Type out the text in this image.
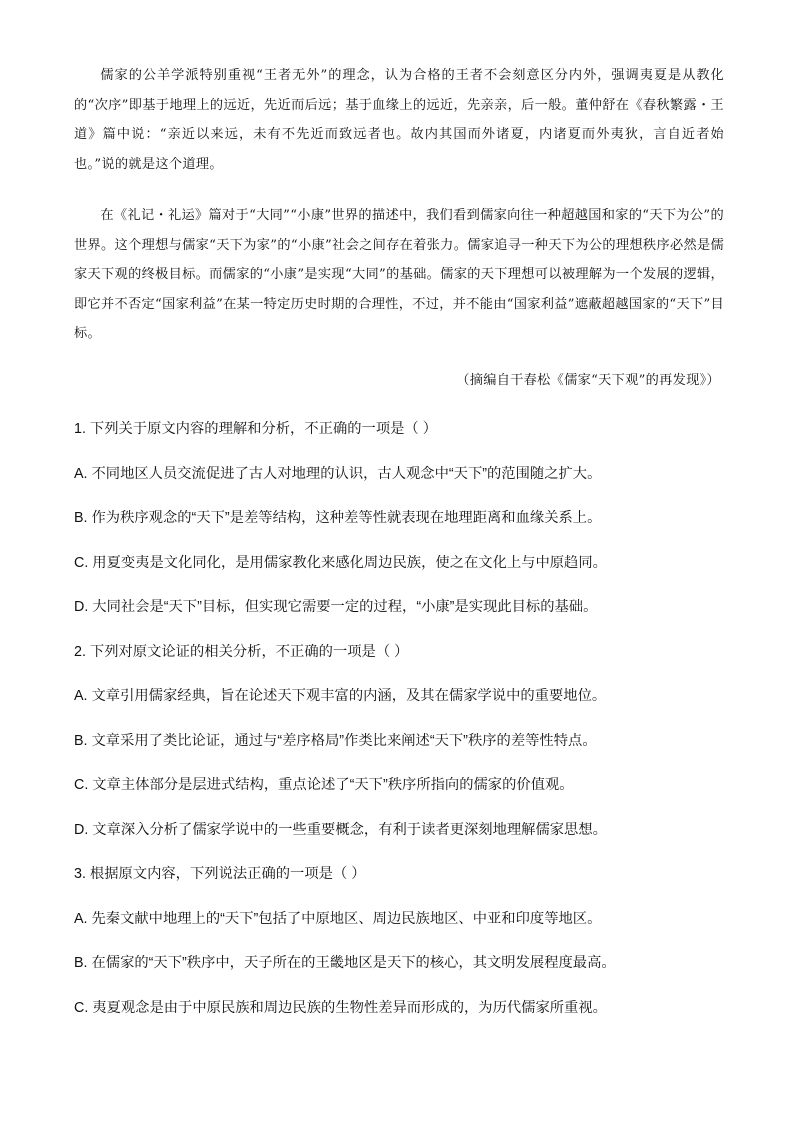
儒家的公羊学派特别重视“王者无外”的理念，认为合格的王者不会刻意区分内外，强调夷夏是从教化的“次序”即基于地理上的远近，先近而后远；基于血缘上的远近，先亲亲，后一般。董仲舒在《春秋繁露・王道》篇中说：“亲近以来远，未有不先近而致远者也。故内其国而外诸夏，内诸夏而外夷狄，言自近者始也。”说的就是这个道理。

在《礼记・礼运》篇对于“大同”“小康”世界的描述中，我们看到儒家向往一种超越国和家的“天下为公”的世界。这个理想与儒家“天下为家”的“小康”社会之间存在着张力。儒家追寻一种天下为公的理想秩序必然是儒家天下观的终极目标。而儒家的“小康”是实现“大同”的基础。儒家的天下理想可以被理解为一个发展的逻辑，即它并不否定“国家利益”在某一特定历史时期的合理性，不过，并不能由“国家利益”遮蔽超越国家的“天下”目标。

（摘编自干春松《儒家“天下观”的再发现》）
1. 下列关于原文内容的理解和分析，不正确的一项是（ ）
A. 不同地区人员交流促进了古人对地理的认识，古人观念中“天下”的范围随之扩大。
B. 作为秩序观念的“天下”是差等结构，这种差等性就表现在地理距离和血缘关系上。
C. 用夏变夷是文化同化，是用儒家教化来感化周边民族，使之在文化上与中原趋同。
D. 大同社会是“天下”目标，但实现它需要一定的过程，“小康”是实现此目标的基础。
2. 下列对原文论证的相关分析，不正确的一项是（ ）
A. 文章引用儒家经典，旨在论述天下观丰富的内涵，及其在儒家学说中的重要地位。
B. 文章采用了类比论证，通过与“差序格局”作类比来阐述“天下”秩序的差等性特点。
C. 文章主体部分是层进式结构，重点论述了“天下”秩序所指向的儒家的价值观。
D. 文章深入分析了儒家学说中的一些重要概念，有利于读者更深刻地理解儒家思想。
3. 根据原文内容，下列说法正确的一项是（ ）
A. 先秦文献中地理上的“天下”包括了中原地区、周边民族地区、中亚和印度等地区。
B. 在儒家的“天下”秩序中，天子所在的王畿地区是天下的核心，其文明发展程度最高。
C. 夷夏观念是由于中原民族和周边民族的生物性差异而形成的，为历代儒家所重视。
